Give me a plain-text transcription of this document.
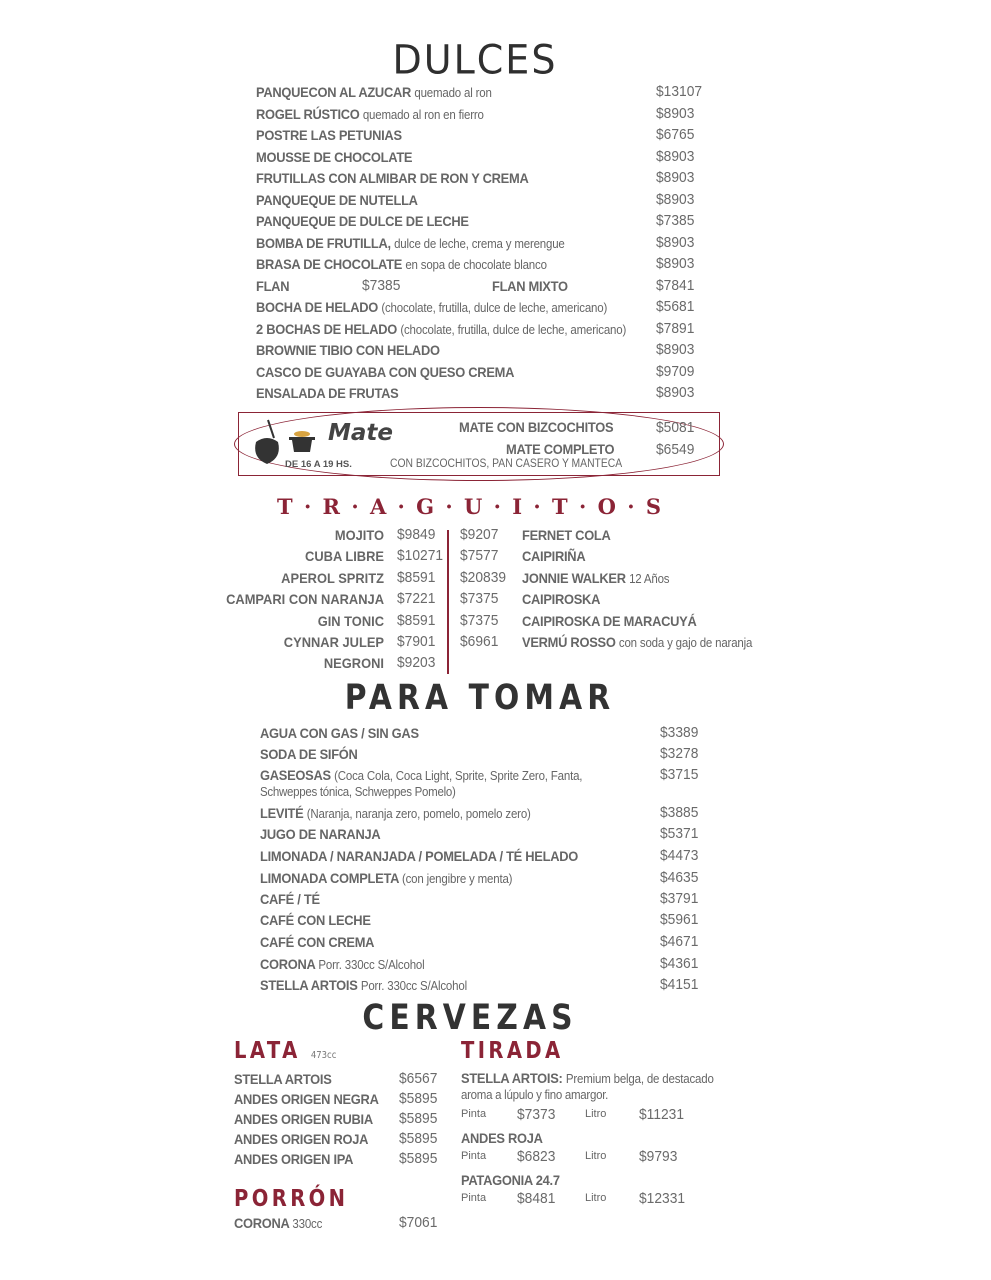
DULCES
PANQUECON AL AZUCAR quemado al ron	$13107
ROGEL RÚSTICO quemado al ron en fierro	$8903
POSTRE LAS PETUNIAS	$6765
MOUSSE DE CHOCOLATE	$8903
FRUTILLAS CON ALMIBAR DE RON Y CREMA	$8903
PANQUEQUE DE NUTELLA	$8903
PANQUEQUE DE DULCE DE LECHE	$7385
BOMBA DE FRUTILLA, dulce de leche, crema y merengue	$8903
BRASA DE CHOCOLATE en sopa de chocolate blanco	$8903
FLAN	$7385	FLAN MIXTO	$7841
BOCHA DE HELADO (chocolate, frutilla, dulce de leche, americano)	$5681
2 BOCHAS DE HELADO (chocolate, frutilla, dulce de leche, americano) $7891
BROWNIE TIBIO CON HELADO	$8903
CASCO DE GUAYABA CON QUESO CREMA	$9709
ENSALADA DE FRUTAS	$8903
Mate
DE 16 A 19 HS.
MATE CON BIZCOCHITOS	$5081
MATE COMPLETO	$6549
CON BIZCOCHITOS, PAN CASERO Y MANTECA
T · R · A · G · U · I · T · O · S
MOJITO $9849
CUBA LIBRE $10271
APEROL SPRITZ $8591
CAMPARI CON NARANJA $7221
GIN TONIC $8591
CYNNAR JULEP $7901
NEGRONI $9203
$9207 FERNET COLA
$7577 CAIPIRIÑA
$20839 JONNIE WALKER 12 Años
$7375 CAIPIROSKA
$7375 CAIPIROSKA DE MARACUYÁ
$6961 VERMÚ ROSSO con soda y gajo de naranja
PARA TOMAR
AGUA CON GAS / SIN GAS	$3389
SODA DE SIFÓN	$3278
GASEOSAS (Coca Cola, Coca Light, Sprite, Sprite Zero, Fanta,
Schweppes tónica, Schweppes Pomelo)
$3715
LEVITÉ (Naranja, naranja zero, pomelo, pomelo zero)	$3885
JUGO DE NARANJA	$5371
LIMONADA / NARANJADA / POMELADA / TÉ HELADO	$4473
LIMONADA COMPLETA (con jengibre y menta)	$4635
CAFÉ / TÉ	$3791
CAFÉ CON LECHE	$5961
CAFÉ CON CREMA	$4671
CORONA Porr. 330cc S/Alcohol	$4361
STELLA ARTOIS Porr. 330cc S/Alcohol	$4151
CERVEZAS
LATA 473cc
STELLA ARTOIS	$6567
ANDES ORIGEN NEGRA $5895
ANDES ORIGEN RUBIA $5895
ANDES ORIGEN ROJA $5895
ANDES ORIGEN IPA	$5895
PORRÓN
CORONA 330cc	$7061
TIRADA
STELLA ARTOIS: Premium belga, de destacado
aroma a lúpulo y fino amargor.
Pinta $7373	Litro $11231
ANDES ROJA
Pinta $6823	Litro $9793
PATAGONIA 24.7
Pinta $8481	Litro $12331
